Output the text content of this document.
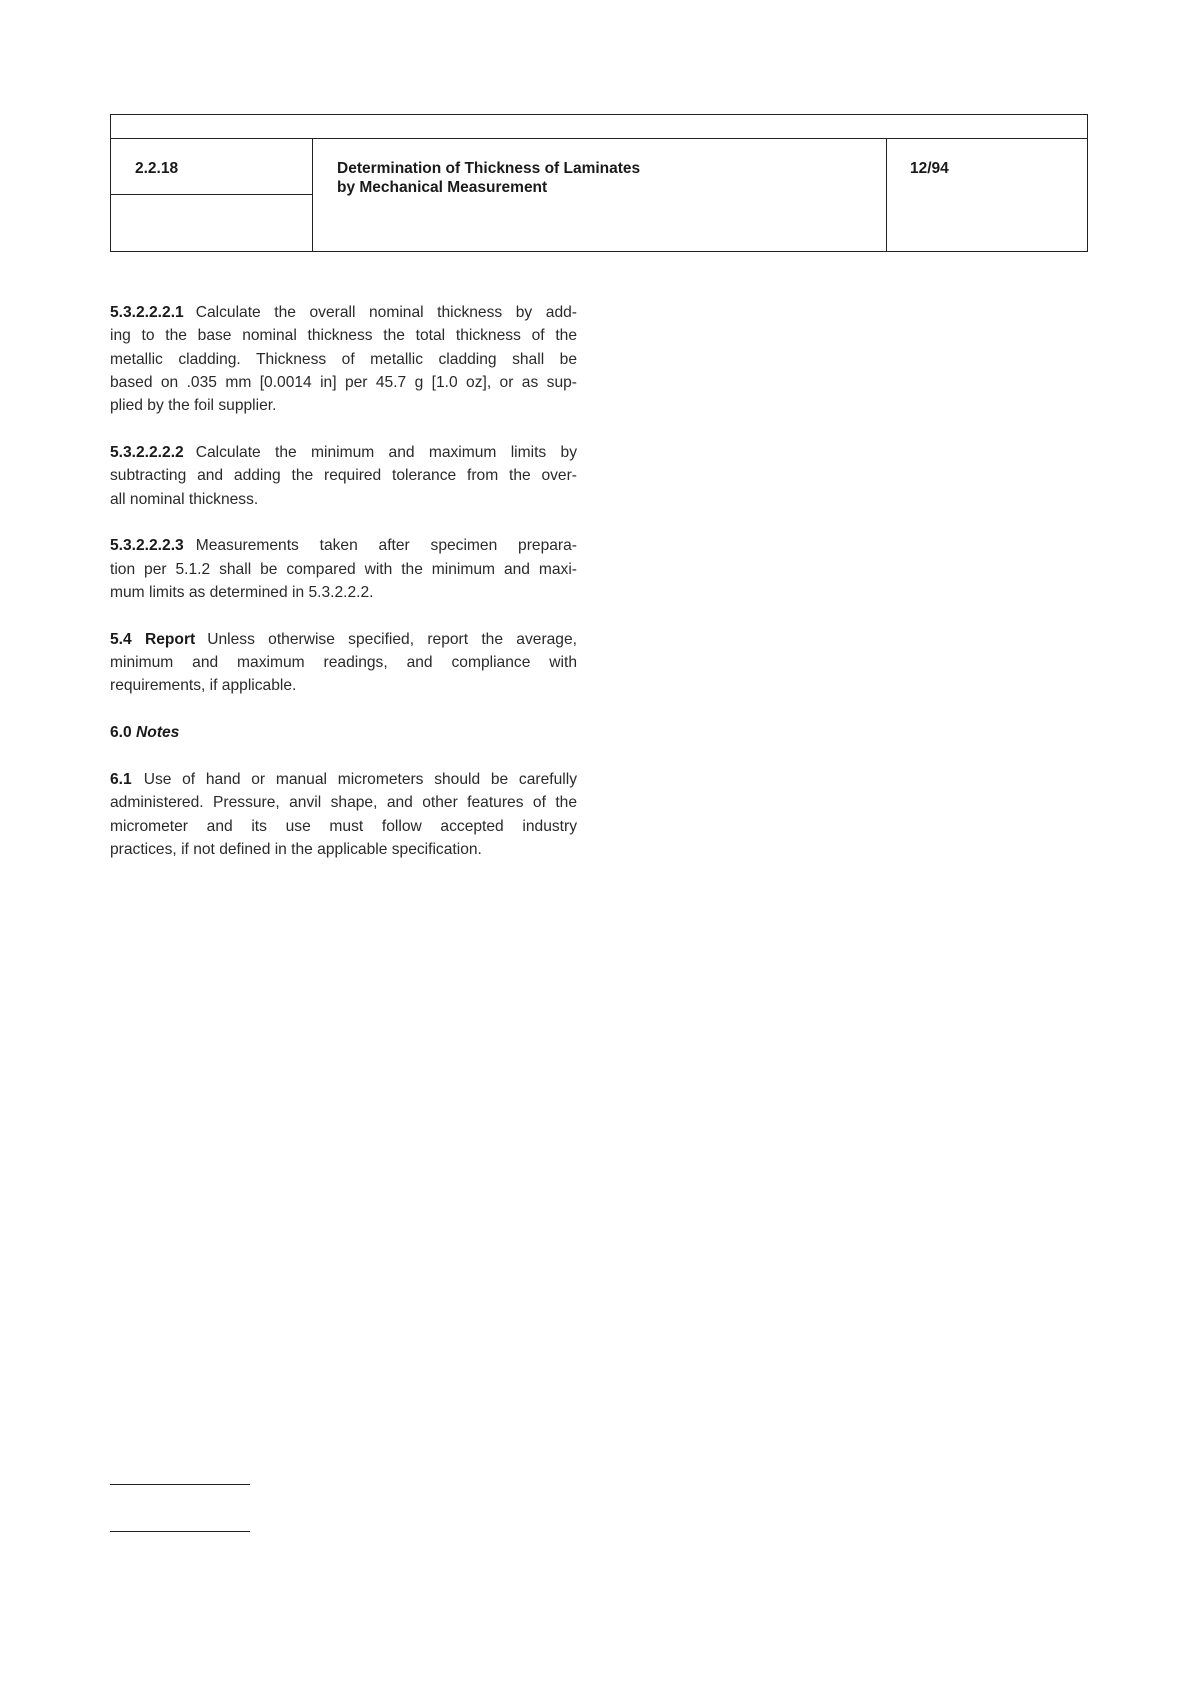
2.2.18	Determination of Thickness of Laminates
by Mechanical Measurement
12/94
5.3.2.2.2.1 Calculate the overall nominal thickness by add-
ing to the base nominal thickness the total thickness of the
metallic cladding. Thickness of metallic cladding shall be
based on .035 mm [0.0014 in] per 45.7 g [1.0 oz], or as sup-
plied by the foil supplier.
5.3.2.2.2.2 Calculate the minimum and maximum limits by
subtracting and adding the required tolerance from the over-
all nominal thickness.
5.3.2.2.2.3 Measurements taken after specimen prepara-
tion per 5.1.2 shall be compared with the minimum and maxi-
mum limits as determined in 5.3.2.2.2.
5.4 Report Unless otherwise specified, report the average,
minimum and maximum readings, and compliance with
requirements, if applicable.
6.0 Notes
6.1 Use of hand or manual micrometers should be carefully
administered. Pressure, anvil shape, and other features of the
micrometer and its use must follow accepted industry
practices, if not defined in the applicable specification.
